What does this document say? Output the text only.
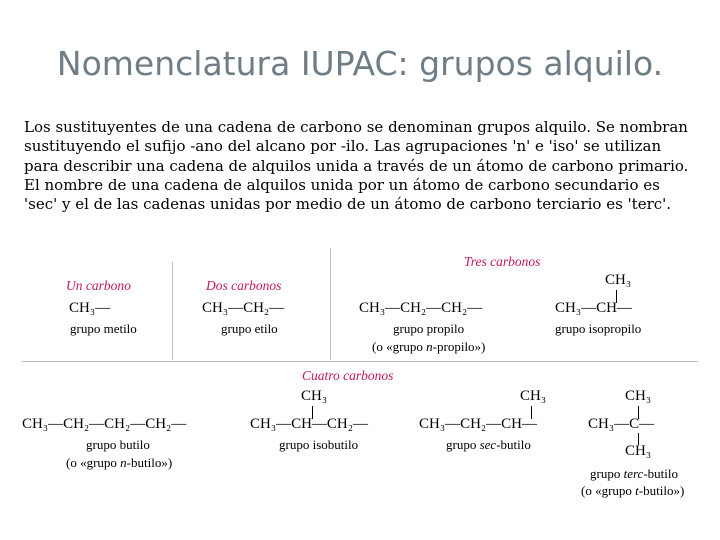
Nomenclatura IUPAC: grupos alquilo.
Los sustituyentes de una cadena de carbono se denominan grupos alquilo. Se nombran sustituyendo el sufijo -ano del alcano por -ilo. Las agrupaciones 'n' e 'iso' se utilizan para describir una cadena de alquilos unida a través de un átomo de carbono primario. El nombre de una cadena de alquilos unida por un átomo de carbono secundario es 'sec' y el de las cadenas unidas por medio de un átomo de carbono terciario es 'terc'.
Un carbono
CH₃—
grupo metilo
Dos carbonos
CH₃—CH₂—
grupo etilo
Tres carbonos
CH₃—CH₂—CH₂—
grupo propilo
(o «grupo n-propilo»)
CH₃
CH₃—CH—
grupo isopropilo
Cuatro carbonos
CH₃—CH₂—CH₂—CH₂—
grupo butilo
(o «grupo n-butilo»)
CH₃
CH₃—CH—CH₂—
grupo isobutilo
CH₃
CH₃—CH₂—CH—
grupo sec-butilo
CH₃
CH₃—C—
CH₃
grupo terc-butilo
(o «grupo t-butilo»)
